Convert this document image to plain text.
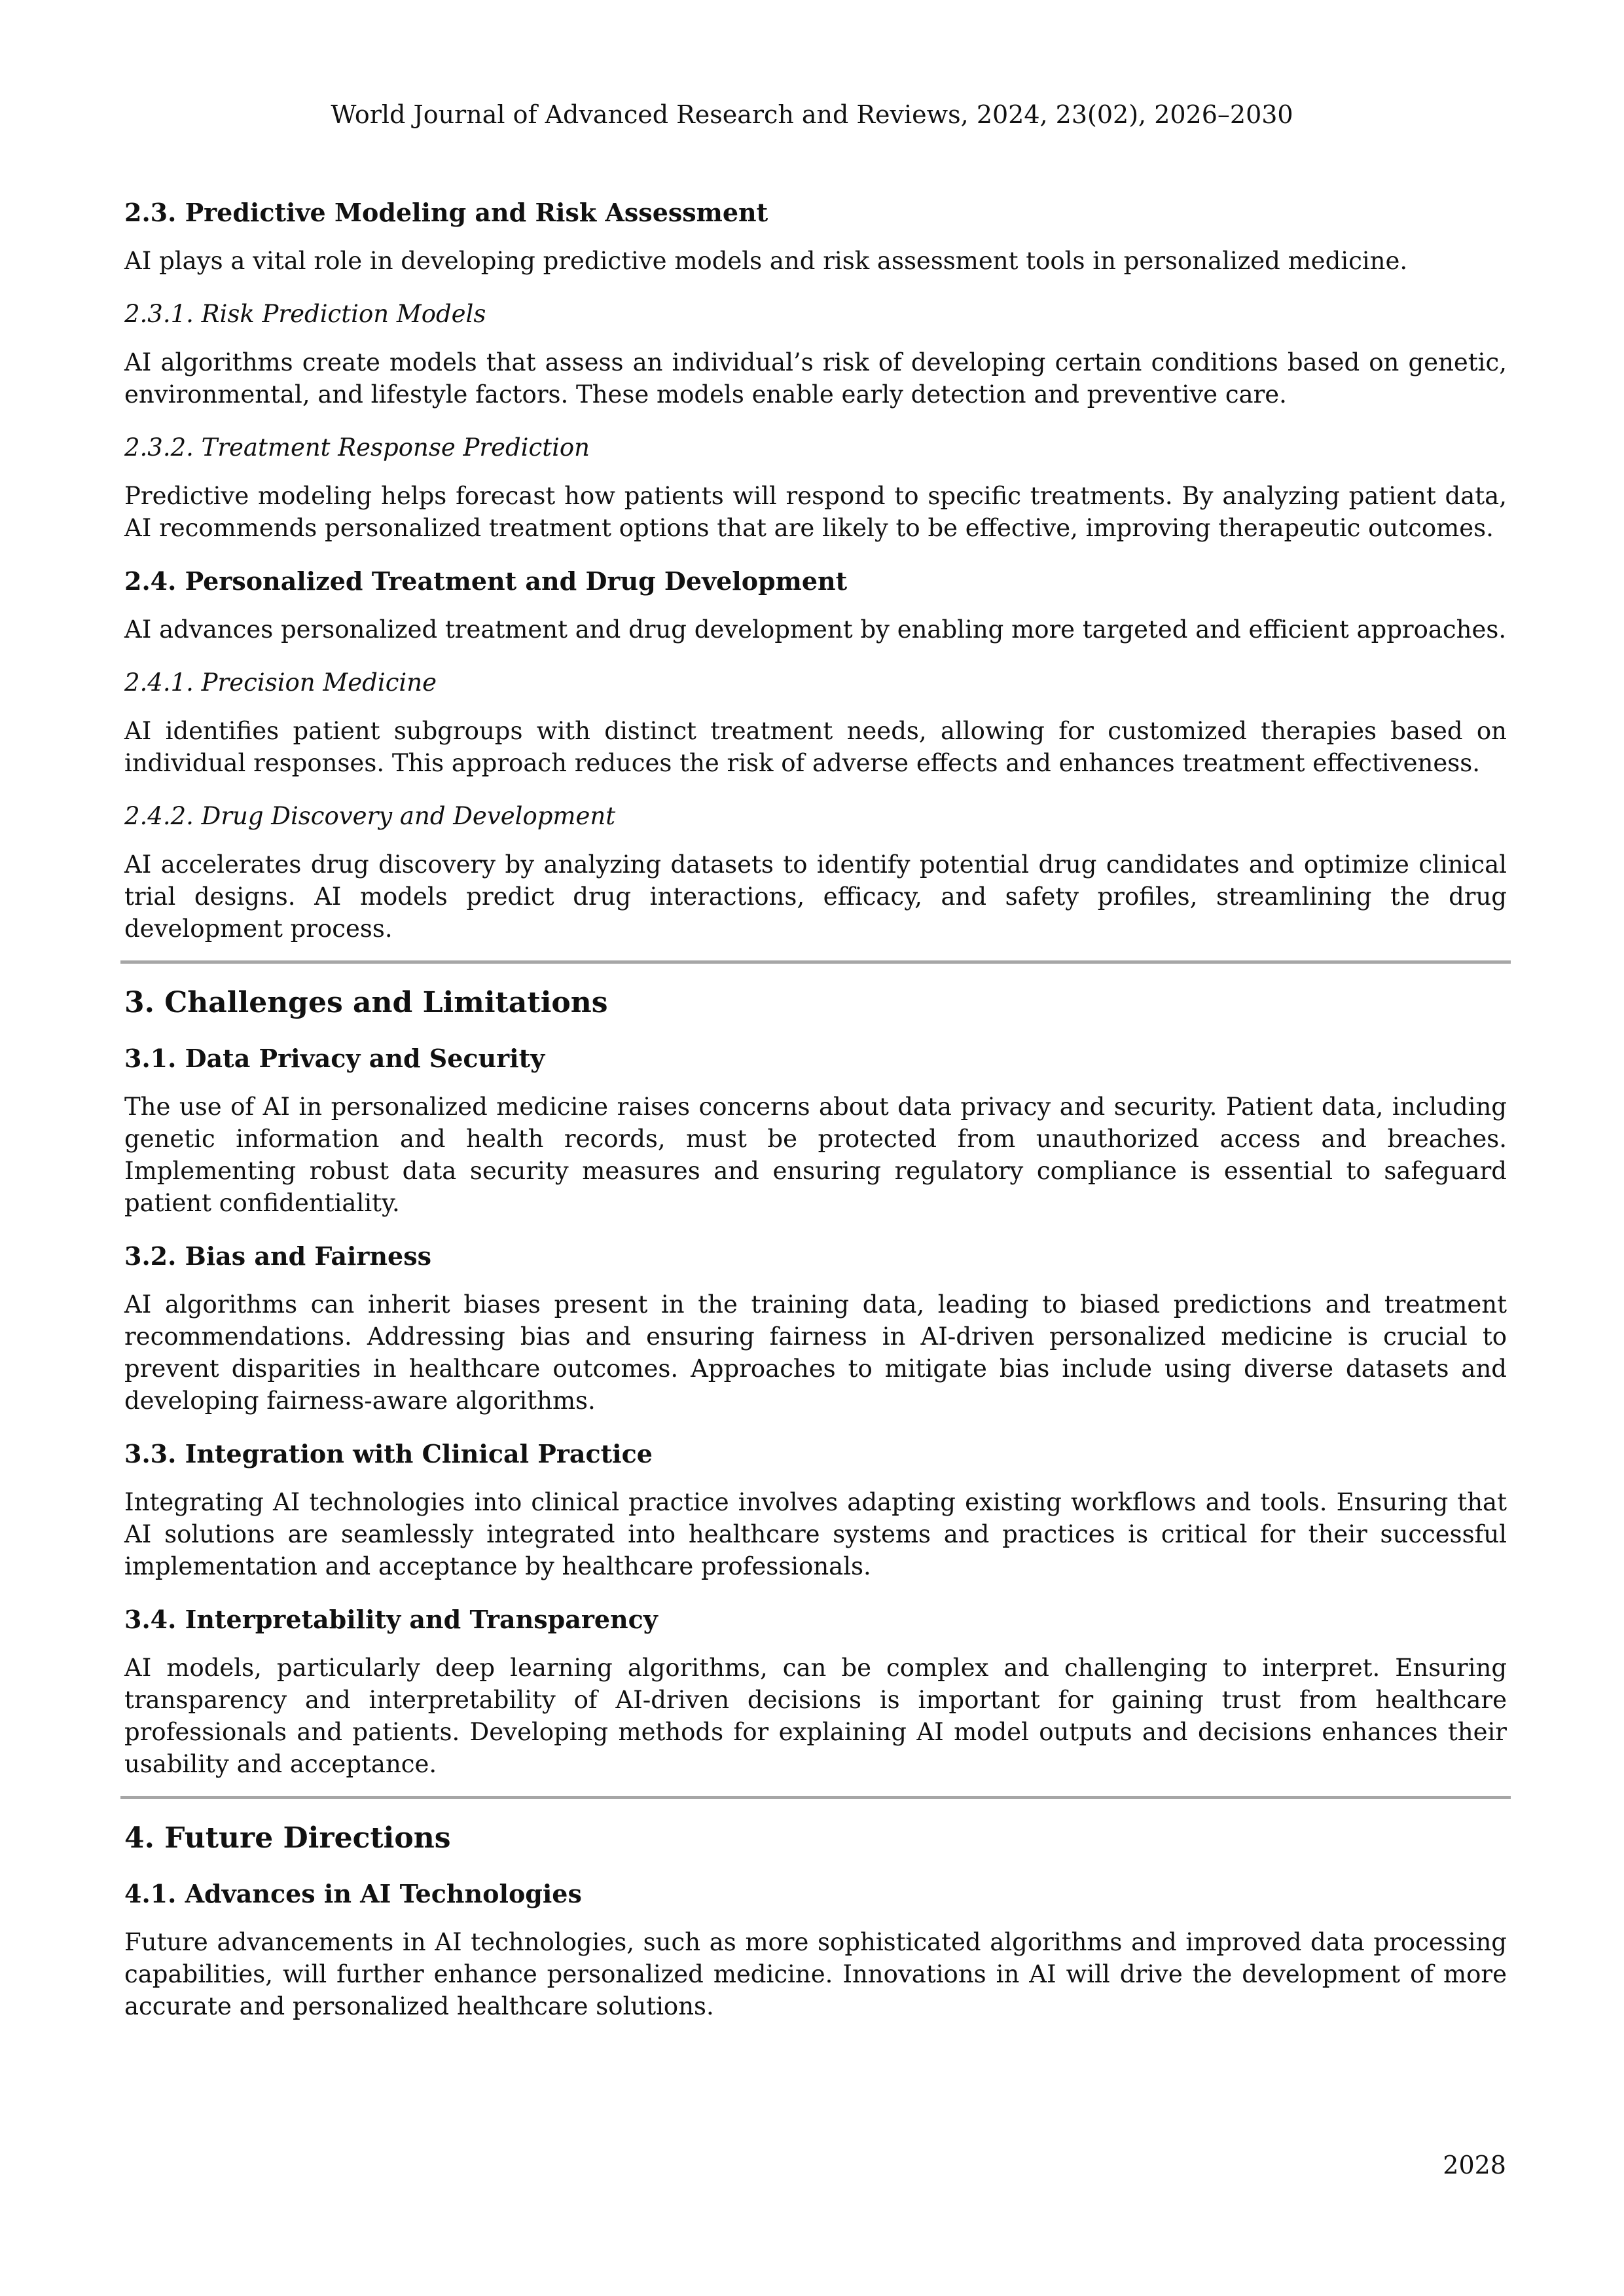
World Journal of Advanced Research and Reviews, 2024, 23(02), 2026–2030
2.3. Predictive Modeling and Risk Assessment

AI plays a vital role in developing predictive models and risk assessment tools in personalized medicine.

2.3.1. Risk Prediction Models

AI algorithms create models that assess an individual’s risk of developing certain conditions based on genetic, environmental, and lifestyle factors. These models enable early detection and preventive care.

2.3.2. Treatment Response Prediction

Predictive modeling helps forecast how patients will respond to specific treatments. By analyzing patient data, AI recommends personalized treatment options that are likely to be effective, improving therapeutic outcomes.

2.4. Personalized Treatment and Drug Development

AI advances personalized treatment and drug development by enabling more targeted and efficient approaches.

2.4.1. Precision Medicine

AI identifies patient subgroups with distinct treatment needs, allowing for customized therapies based on individual responses. This approach reduces the risk of adverse effects and enhances treatment effectiveness.

2.4.2. Drug Discovery and Development

AI accelerates drug discovery by analyzing datasets to identify potential drug candidates and optimize clinical trial designs. AI models predict drug interactions, efficacy, and safety profiles, streamlining the drug development process.

3. Challenges and Limitations
3.1. Data Privacy and Security

The use of AI in personalized medicine raises concerns about data privacy and security. Patient data, including genetic information and health records, must be protected from unauthorized access and breaches. Implementing robust data security measures and ensuring regulatory compliance is essential to safeguard patient confidentiality.

3.2. Bias and Fairness

AI algorithms can inherit biases present in the training data, leading to biased predictions and treatment recommendations. Addressing bias and ensuring fairness in AI-driven personalized medicine is crucial to prevent disparities in healthcare outcomes. Approaches to mitigate bias include using diverse datasets and developing fairness-aware algorithms.

3.3. Integration with Clinical Practice

Integrating AI technologies into clinical practice involves adapting existing workflows and tools. Ensuring that AI solutions are seamlessly integrated into healthcare systems and practices is critical for their successful implementation and acceptance by healthcare professionals.

3.4. Interpretability and Transparency

AI models, particularly deep learning algorithms, can be complex and challenging to interpret. Ensuring transparency and interpretability of AI-driven decisions is important for gaining trust from healthcare professionals and patients. Developing methods for explaining AI model outputs and decisions enhances their usability and acceptance.

4. Future Directions
4.1. Advances in AI Technologies

Future advancements in AI technologies, such as more sophisticated algorithms and improved data processing capabilities, will further enhance personalized medicine. Innovations in AI will drive the development of more accurate and personalized healthcare solutions.

2028
